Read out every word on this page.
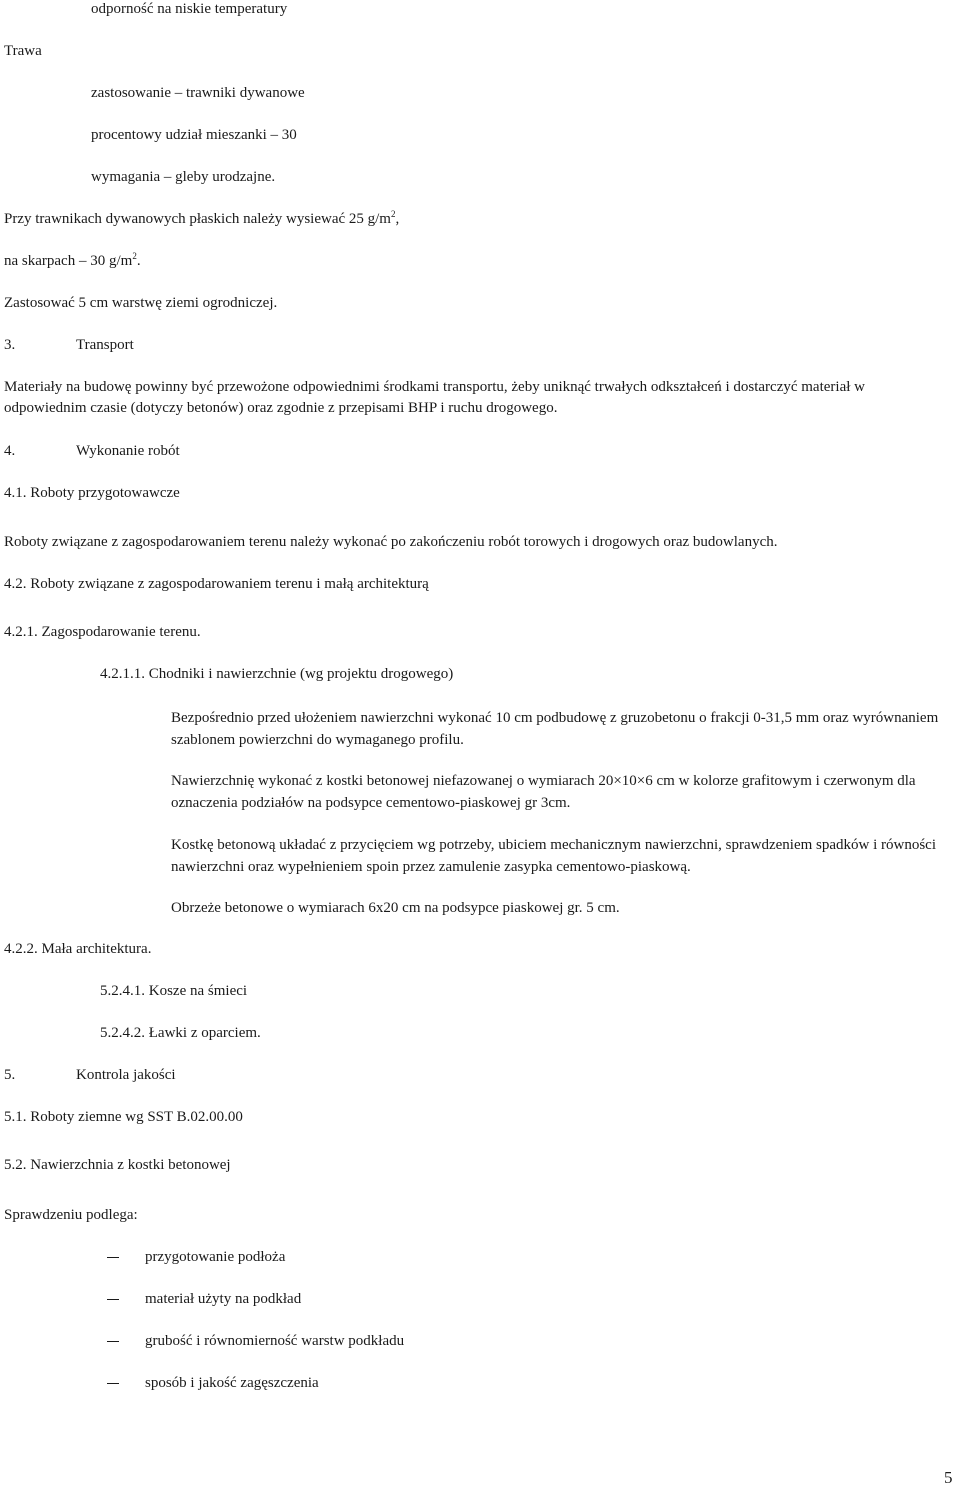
odporność na niskie temperatury
Trawa
zastosowanie – trawniki dywanowe
procentowy udział mieszanki – 30
wymagania – gleby urodzajne.
Przy trawnikach dywanowych płaskich należy wysiewać 25 $g/m^2$,
na skarpach – 30 $g/m^2$.
Zastosować 5 cm warstwę ziemi ogrodniczej.
3.	Transport
Materiały na budowę powinny być przewożone odpowiednimi środkami transportu, żeby uniknąć trwałych odkształceń i dostarczyć materiał w odpowiednim czasie (dotyczy betonów) oraz zgodnie z przepisami BHP i ruchu drogowego.
4.	Wykonanie robót
4.1. Roboty przygotowawcze
Roboty związane z zagospodarowaniem terenu należy wykonać po zakończeniu robót torowych i drogowych oraz budowlanych.
4.2. Roboty związane z zagospodarowaniem terenu i małą architekturą
4.2.1. Zagospodarowanie terenu.
4.2.1.1. Chodniki i nawierzchnie (wg projektu drogowego)
Bezpośrednio przed ułożeniem nawierzchni wykonać 10 cm podbudowę z gruzobetonu o frakcji 0-31,5 mm oraz wyrównaniem szablonem powierzchni do wymaganego profilu.
Nawierzchnię wykonać z kostki betonowej niefazowanej o wymiarach 20×10×6 cm w kolorze grafitowym i czerwonym dla oznaczenia podziałów na podsypce cementowo-piaskowej gr 3cm.
Kostkę betonową układać z przycięciem wg potrzeby, ubiciem mechanicznym nawierzchni, sprawdzeniem spadków i równości nawierzchni oraz wypełnieniem spoin przez zamulenie zasypka cementowo-piaskową.
Obrzeże betonowe o wymiarach 6x20 cm na podsypce piaskowej gr. 5 cm.
4.2.2. Mała architektura.
5.2.4.1. Kosze na śmieci
5.2.4.2. Ławki z oparciem.
5.	Kontrola jakości
5.1. Roboty ziemne wg SST B.02.00.00
5.2. Nawierzchnia z kostki betonowej
Sprawdzeniu podlega:
przygotowanie podłoża
materiał użyty na podkład
grubość i równomierność warstw podkładu
sposób i jakość zagęszczenia
5
